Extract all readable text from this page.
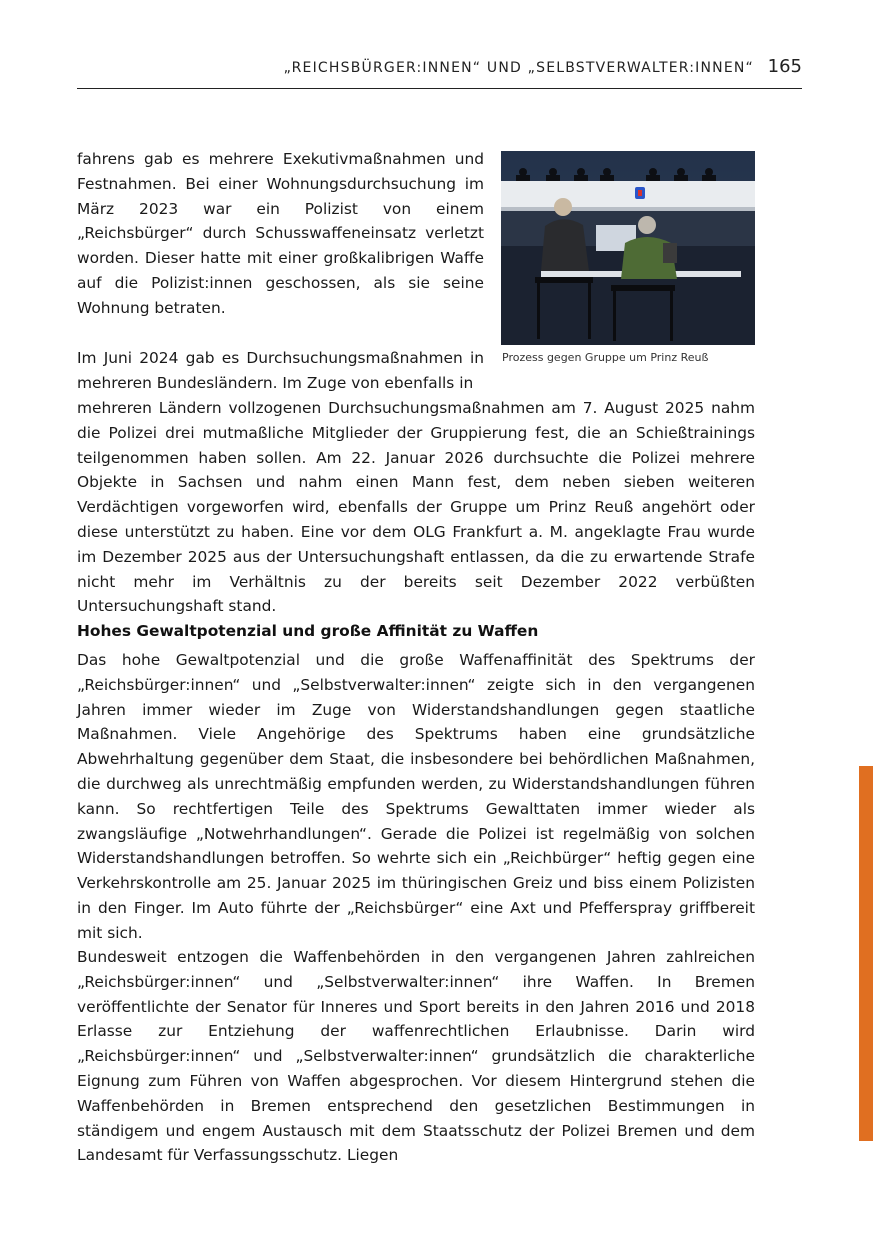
„REICHSBÜRGER:INNEN“ UND „SELBSTVERWALTER:INNEN“ 165

fahrens gab es mehrere Exekutivmaßnahmen und Festnahmen. Bei einer Wohnungsdurchsuchung im März 2023 war ein Polizist von einem „Reichsbürger“ durch Schusswaffeneinsatz verletzt worden. Dieser hatte mit einer großkalibrigen Waffe auf die Polizist:innen geschossen, als sie seine Wohnung betraten.

Prozess gegen Gruppe um Prinz Reuß

Im Juni 2024 gab es Durchsuchungsmaßnahmen in mehreren Bundesländern. Im Zuge von ebenfalls in

mehreren Ländern vollzogenen Durchsuchungsmaßnahmen am 7. August 2025 nahm die Polizei drei mutmaßliche Mitglieder der Gruppierung fest, die an Schießtrainings teilgenommen haben sollen. Am 22. Januar 2026 durchsuchte die Polizei mehrere Objekte in Sachsen und nahm einen Mann fest, dem neben sieben weiteren Verdächtigen vorgeworfen wird, ebenfalls der Gruppe um Prinz Reuß angehört oder diese unterstützt zu haben. Eine vor dem OLG Frankfurt a. M. angeklagte Frau wurde im Dezember 2025 aus der Untersuchungshaft entlassen, da die zu erwartende Strafe nicht mehr im Verhältnis zu der bereits seit Dezember 2022 verbüßten Untersuchungshaft stand.

Hohes Gewaltpotenzial und große Affinität zu Waffen

Das hohe Gewaltpotenzial und die große Waffenaffinität des Spektrums der „Reichsbürger:innen“ und „Selbstverwalter:innen“ zeigte sich in den vergangenen Jahren immer wieder im Zuge von Widerstandshandlungen gegen staatliche Maßnahmen. Viele Angehörige des Spektrums haben eine grundsätzliche Abwehrhaltung gegenüber dem Staat, die insbesondere bei behördlichen Maßnahmen, die durchweg als unrechtmäßig empfunden werden, zu Widerstandshandlungen führen kann. So rechtfertigen Teile des Spektrums Gewalttaten immer wieder als zwangsläufige „Notwehrhandlungen“. Gerade die Polizei ist regelmäßig von solchen Widerstandshandlungen betroffen. So wehrte sich ein „Reichbürger“ heftig gegen eine Verkehrskontrolle am 25. Januar 2025 im thüringischen Greiz und biss einem Polizisten in den Finger. Im Auto führte der „Reichsbürger“ eine Axt und Pfefferspray griffbereit mit sich.

Bundesweit entzogen die Waffenbehörden in den vergangenen Jahren zahlreichen „Reichsbürger:innen“ und „Selbstverwalter:innen“ ihre Waffen. In Bremen veröffentlichte der Senator für Inneres und Sport bereits in den Jahren 2016 und 2018 Erlasse zur Entziehung der waffenrechtlichen Erlaubnisse. Darin wird „Reichsbürger:innen“ und „Selbstverwalter:innen“ grundsätzlich die charakterliche Eignung zum Führen von Waffen abgesprochen. Vor diesem Hintergrund stehen die Waffenbehörden in Bremen entsprechend den gesetzlichen Bestimmungen in ständigem und engem Austausch mit dem Staatsschutz der Polizei Bremen und dem Landesamt für Verfassungsschutz. Liegen
